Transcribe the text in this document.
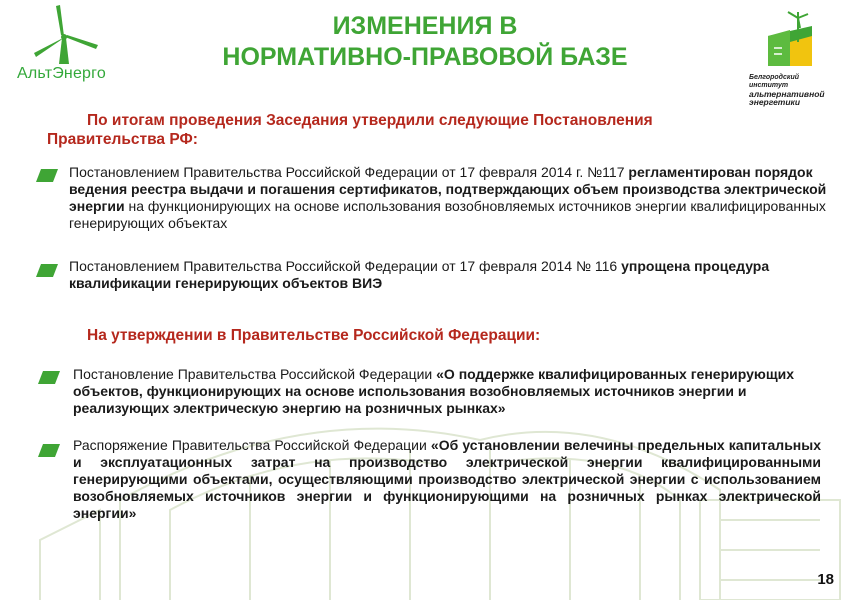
АльтЭнерго	Белгородский институт
альтернативной
энергетики
ИЗМЕНЕНИЯ В
НОРМАТИВНО-ПРАВОВОЙ БАЗЕ
По итогам проведения Заседания утвердили следующие Постановления Правительства РФ:
Постановлением Правительства Российской Федерации от 17 февраля 2014 г. №117 регламентирован порядок ведения реестра выдачи и погашения сертификатов, подтверждающих объем производства электрической энергии на функционирующих на основе использования возобновляемых источников энергии квалифицированных генерирующих объектах
Постановлением Правительства Российской Федерации от 17 февраля 2014 № 116 упрощена процедура квалификации генерирующих объектов ВИЭ
На утверждении в Правительстве Российской Федерации:
Постановление Правительства Российской Федерации «О поддержке квалифицированных генерирующих объектов, функционирующих на основе использования возобновляемых источников энергии и реализующих электрическую энергию на розничных рынках»
Распоряжение Правительства Российской Федерации «Об установлении велечины предельных капитальных и эксплуатационных затрат на производство электрической энергии квалифицированными генерирующими объектами, осуществляющими производство электрической энергии с использованием возобновляемых источников энергии и функционирующими на розничных рынках электрической энергии»
18
